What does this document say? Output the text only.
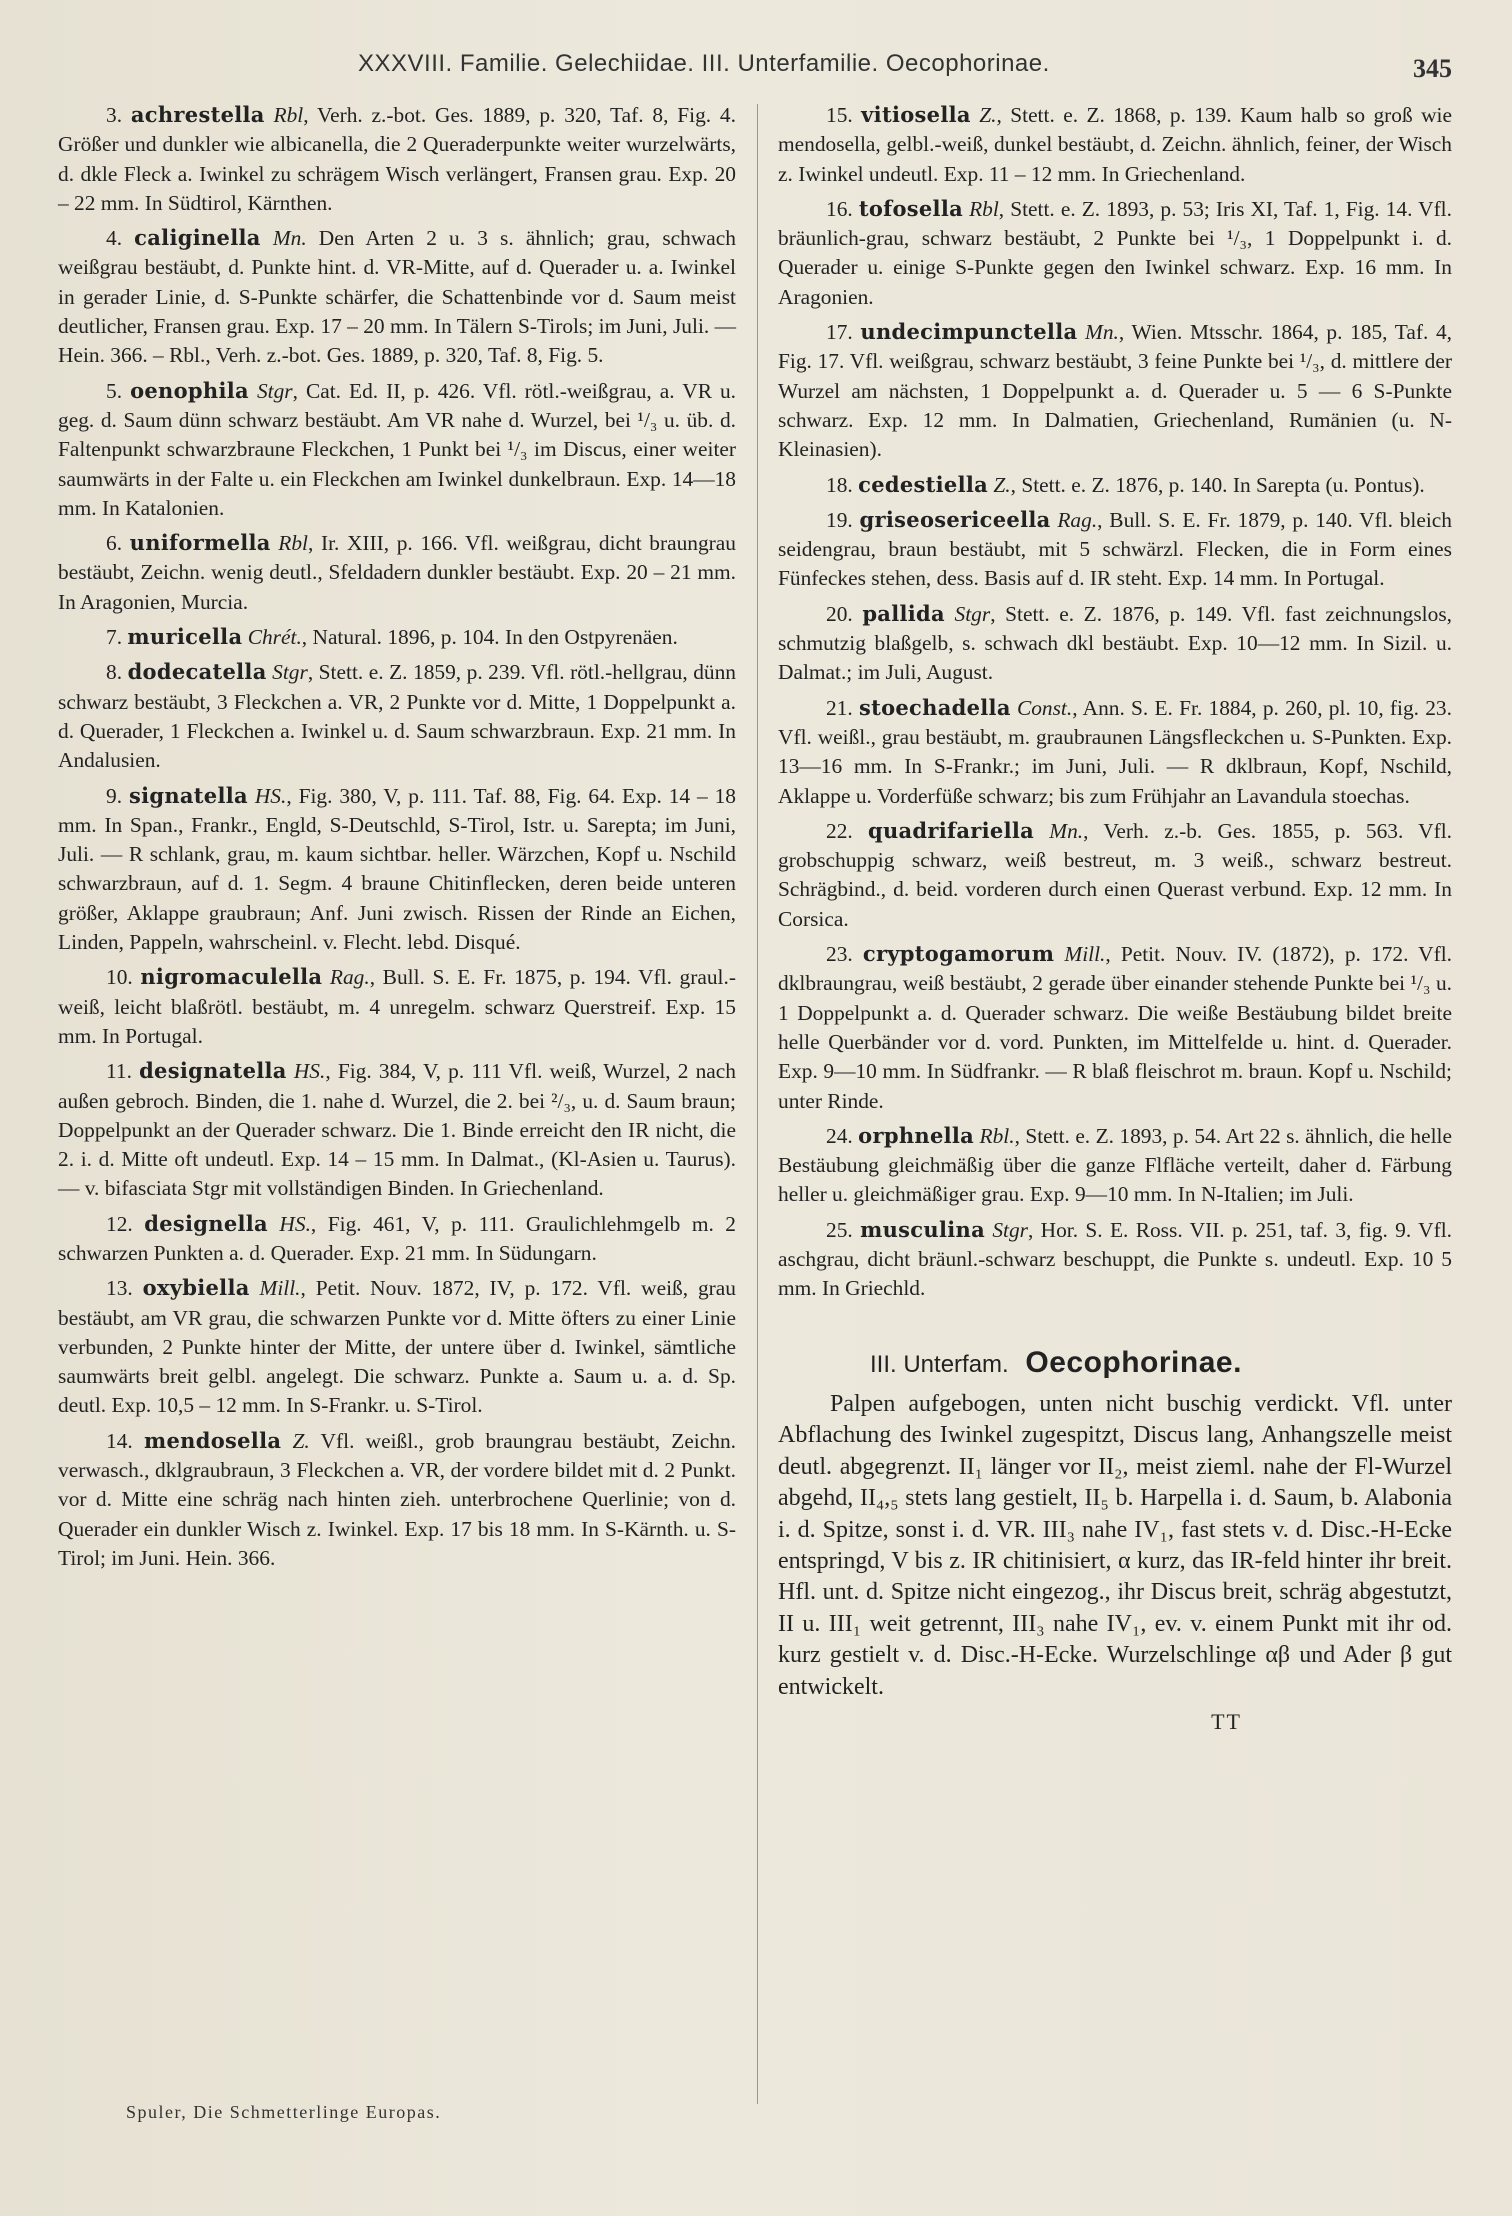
XXXVIII. Familie. Gelechiidae. III. Unterfamilie. Oecophorinae.	345

3. achrestella Rbl, Verh. z.-bot. Ges. 1889, p. 320, Taf. 8, Fig. 4. Größer und dunkler wie albicanella, die 2 Queraderpunkte weiter wurzelwärts, d. dkle Fleck a. Iwinkel zu schrägem Wisch verlängert, Fransen grau. Exp. 20 – 22 mm. In Südtirol, Kärnthen.

4. caliginella Mn. Den Arten 2 u. 3 s. ähnlich; grau, schwach weißgrau bestäubt, d. Punkte hint. d. VR-Mitte, auf d. Querader u. a. Iwinkel in gerader Linie, d. S-Punkte schärfer, die Schattenbinde vor d. Saum meist deutlicher, Fransen grau. Exp. 17 – 20 mm. In Tälern S-Tirols; im Juni, Juli. — Hein. 366. – Rbl., Verh. z.-bot. Ges. 1889, p. 320, Taf. 8, Fig. 5.

5. oenophila Stgr, Cat. Ed. II, p. 426. Vfl. rötl.-weißgrau, a. VR u. geg. d. Saum dünn schwarz bestäubt. Am VR nahe d. Wurzel, bei ¹/₃ u. üb. d. Faltenpunkt schwarzbraune Fleckchen, 1 Punkt bei ¹/₃ im Discus, einer weiter saumwärts in der Falte u. ein Fleckchen am Iwinkel dunkelbraun. Exp. 14—18 mm. In Katalonien.

6. uniformella Rbl, Ir. XIII, p. 166. Vfl. weißgrau, dicht braungrau bestäubt, Zeichn. wenig deutl., Sfeldadern dunkler bestäubt. Exp. 20 – 21 mm. In Aragonien, Murcia.

7. muricella Chrét., Natural. 1896, p. 104. In den Ostpyrenäen.

8. dodecatella Stgr, Stett. e. Z. 1859, p. 239. Vfl. rötl.-hellgrau, dünn schwarz bestäubt, 3 Fleckchen a. VR, 2 Punkte vor d. Mitte, 1 Doppelpunkt a. d. Querader, 1 Fleckchen a. Iwinkel u. d. Saum schwarzbraun. Exp. 21 mm. In Andalusien.

9. signatella HS., Fig. 380, V, p. 111. Taf. 88, Fig. 64. Exp. 14 – 18 mm. In Span., Frankr., Engld, S-Deutschld, S-Tirol, Istr. u. Sarepta; im Juni, Juli. — R schlank, grau, m. kaum sichtbar. heller. Wärzchen, Kopf u. Nschild schwarzbraun, auf d. 1. Segm. 4 braune Chitinflecken, deren beide unteren größer, Aklappe graubraun; Anf. Juni zwisch. Rissen der Rinde an Eichen, Linden, Pappeln, wahrscheinl. v. Flecht. lebd. Disqué.

10. nigromaculella Rag., Bull. S. E. Fr. 1875, p. 194. Vfl. graul.-weiß, leicht blaßrötl. bestäubt, m. 4 unregelm. schwarz Querstreif. Exp. 15 mm. In Portugal.

11. designatella HS., Fig. 384, V, p. 111 Vfl. weiß, Wurzel, 2 nach außen gebroch. Binden, die 1. nahe d. Wurzel, die 2. bei ²/₃, u. d. Saum braun; Doppelpunkt an der Querader schwarz. Die 1. Binde erreicht den IR nicht, die 2. i. d. Mitte oft undeutl. Exp. 14 – 15 mm. In Dalmat., (Kl-Asien u. Taurus). — v. bifasciata Stgr mit vollständigen Binden. In Griechenland.

12. designella HS., Fig. 461, V, p. 111. Graulichlehmgelb m. 2 schwarzen Punkten a. d. Querader. Exp. 21 mm. In Südungarn.

13. oxybiella Mill., Petit. Nouv. 1872, IV, p. 172. Vfl. weiß, grau bestäubt, am VR grau, die schwarzen Punkte vor d. Mitte öfters zu einer Linie verbunden, 2 Punkte hinter der Mitte, der untere über d. Iwinkel, sämtliche saumwärts breit gelbl. angelegt. Die schwarz. Punkte a. Saum u. a. d. Sp. deutl. Exp. 10,5 – 12 mm. In S-Frankr. u. S-Tirol.

14. mendosella Z. Vfl. weißl., grob braungrau bestäubt, Zeichn. verwasch., dklgraubraun, 3 Fleckchen a. VR, der vordere bildet mit d. 2 Punkt. vor d. Mitte eine schräg nach hinten zieh. unterbrochene Querlinie; von d. Querader ein dunkler Wisch z. Iwinkel. Exp. 17 bis 18 mm. In S-Kärnth. u. S-Tirol; im Juni. Hein. 366.

15. vitiosella Z., Stett. e. Z. 1868, p. 139. Kaum halb so groß wie mendosella, gelbl.-weiß, dunkel bestäubt, d. Zeichn. ähnlich, feiner, der Wisch z. Iwinkel undeutl. Exp. 11 – 12 mm. In Griechenland.

16. tofosella Rbl, Stett. e. Z. 1893, p. 53; Iris XI, Taf. 1, Fig. 14. Vfl. bräunlich-grau, schwarz bestäubt, 2 Punkte bei ¹/₃, 1 Doppelpunkt i. d. Querader u. einige S-Punkte gegen den Iwinkel schwarz. Exp. 16 mm. In Aragonien.

17. undecimpunctella Mn., Wien. Mtsschr. 1864, p. 185, Taf. 4, Fig. 17. Vfl. weißgrau, schwarz bestäubt, 3 feine Punkte bei ¹/₃, d. mittlere der Wurzel am nächsten, 1 Doppelpunkt a. d. Querader u. 5 — 6 S-Punkte schwarz. Exp. 12 mm. In Dalmatien, Griechenland, Rumänien (u. N-Kleinasien).

18. cedestiella Z., Stett. e. Z. 1876, p. 140. In Sarepta (u. Pontus).

19. griseosericeella Rag., Bull. S. E. Fr. 1879, p. 140. Vfl. bleich seidengrau, braun bestäubt, mit 5 schwärzl. Flecken, die in Form eines Fünfeckes stehen, dess. Basis auf d. IR steht. Exp. 14 mm. In Portugal.

20. pallida Stgr, Stett. e. Z. 1876, p. 149. Vfl. fast zeichnungslos, schmutzig blaßgelb, s. schwach dkl bestäubt. Exp. 10—12 mm. In Sizil. u. Dalmat.; im Juli, August.

21. stoechadella Const., Ann. S. E. Fr. 1884, p. 260, pl. 10, fig. 23. Vfl. weißl., grau bestäubt, m. graubraunen Längsfleckchen u. S-Punkten. Exp. 13—16 mm. In S-Frankr.; im Juni, Juli. — R dklbraun, Kopf, Nschild, Aklappe u. Vorderfüße schwarz; bis zum Frühjahr an Lavandula stoechas.

22. quadrifariella Mn., Verh. z.-b. Ges. 1855, p. 563. Vfl. grobschuppig schwarz, weiß bestreut, m. 3 weiß., schwarz bestreut. Schrägbind., d. beid. vorderen durch einen Querast verbund. Exp. 12 mm. In Corsica.

23. cryptogamorum Mill., Petit. Nouv. IV. (1872), p. 172. Vfl. dklbraungrau, weiß bestäubt, 2 gerade über einander stehende Punkte bei ¹/₃ u. 1 Doppelpunkt a. d. Querader schwarz. Die weiße Bestäubung bildet breite helle Querbänder vor d. vord. Punkten, im Mittelfelde u. hint. d. Querader. Exp. 9—10 mm. In Südfrankr. — R blaß fleischrot m. braun. Kopf u. Nschild; unter Rinde.

24. orphnella Rbl., Stett. e. Z. 1893, p. 54. Art 22 s. ähnlich, die helle Bestäubung gleichmäßig über die ganze Flfläche verteilt, daher d. Färbung heller u. gleichmäßiger grau. Exp. 9—10 mm. In N-Italien; im Juli.

25. musculina Stgr, Hor. S. E. Ross. VII. p. 251, taf. 3, fig. 9. Vfl. aschgrau, dicht bräunl.-schwarz beschuppt, die Punkte s. undeutl. Exp. 10 5 mm. In Griechld.

III. Unterfam. Oecophorinae.

Palpen aufgebogen, unten nicht buschig verdickt. Vfl. unter Abflachung des Iwinkel zugespitzt, Discus lang, Anhangszelle meist deutl. abgegrenzt. II₁ länger vor II₂, meist zieml. nahe der Fl-Wurzel abgehd, II₄,₅ stets lang gestielt, II₅ b. Harpella i. d. Saum, b. Alabonia i. d. Spitze, sonst i. d. VR. III₃ nahe IV₁, fast stets v. d. Disc.-H-Ecke entspringd, V bis z. IR chitinisiert, α kurz, das IR-feld hinter ihr breit. Hfl. unt. d. Spitze nicht eingezog., ihr Discus breit, schräg abgestutzt, II u. III₁ weit getrennt, III₃ nahe IV₁, ev. v. einem Punkt mit ihr od. kurz gestielt v. d. Disc.-H-Ecke. Wurzelschlinge αβ und Ader β gut entwickelt.

TT
Spuler, Die Schmetterlinge Europas.
